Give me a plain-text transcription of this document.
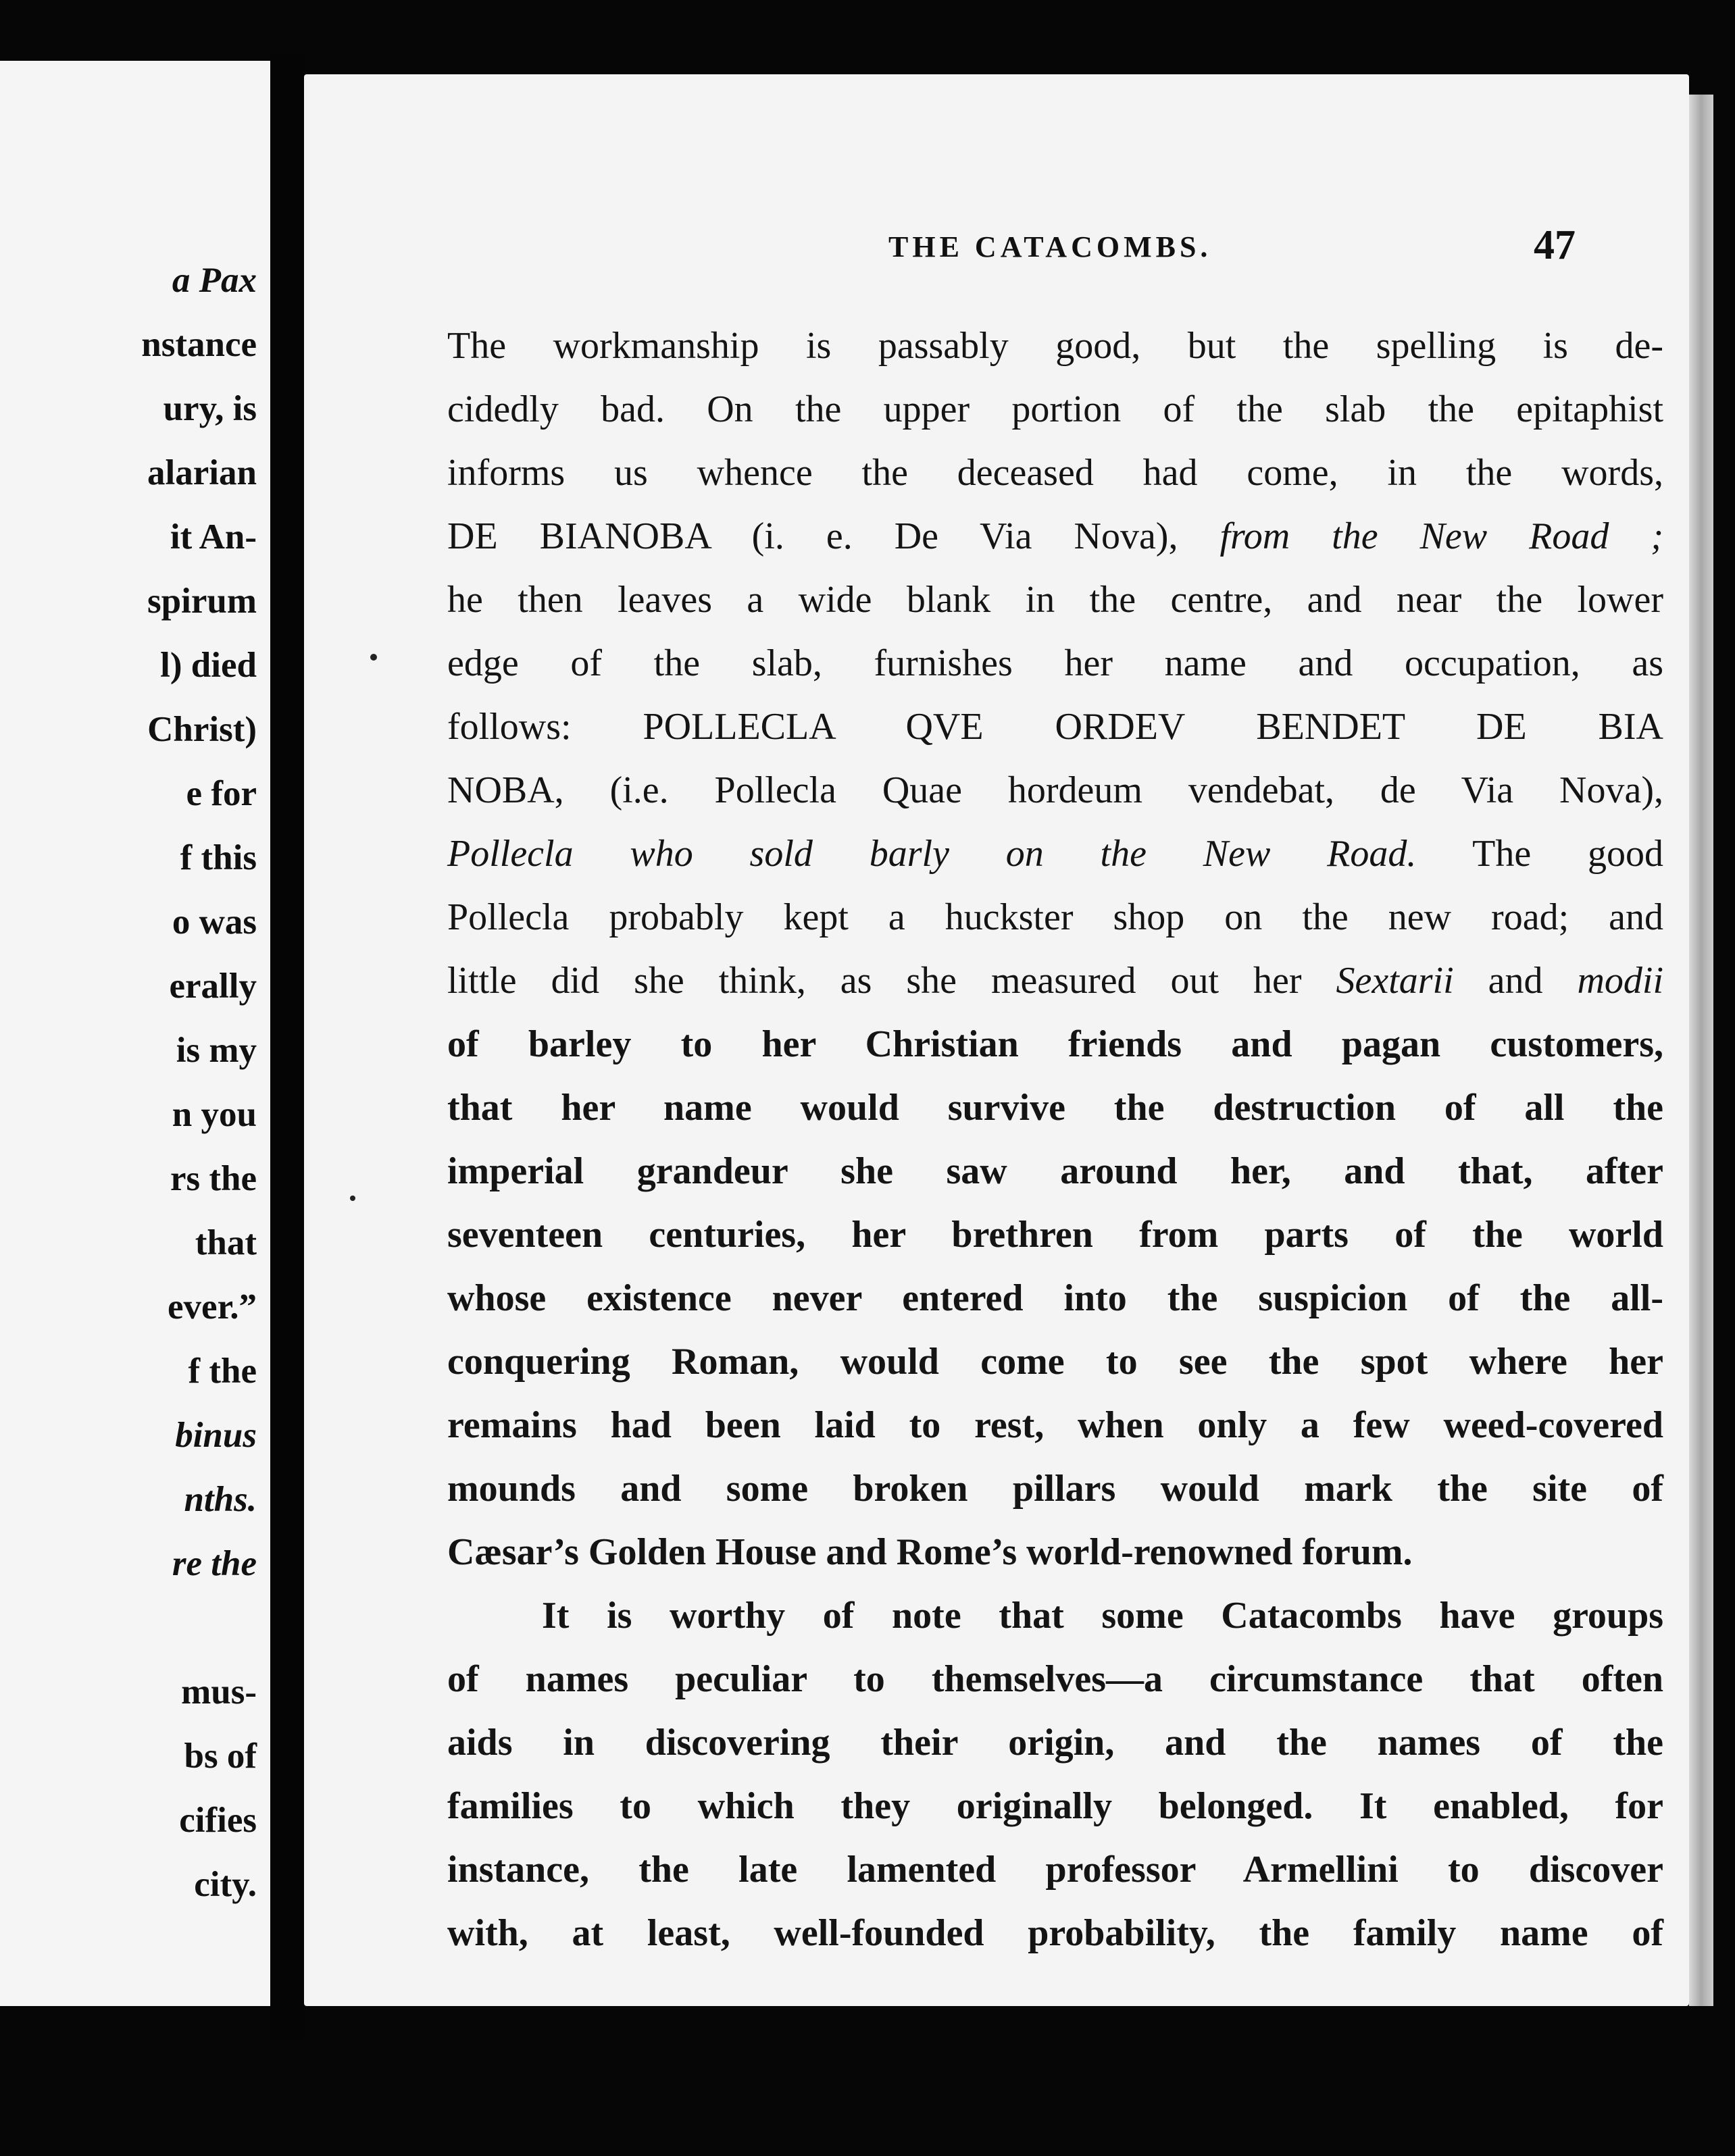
a Pax
nstance
ury, is
alarian
it An-
spirum
l) died
Christ)
e for
f this
o was
erally
is my
n you
rs the
that
ever.”
f the
binus
nths.
re the
mus-
bs of
cifies
city.
THE CATACOMBS.	47
The workmanship is passably good, but the spelling is de-
cidedly bad. On the upper portion of the slab the epitaphist
informs us whence the deceased had come, in the words,
DE BIANOBA (i. e. De Via Nova), from the New Road ;
he then leaves a wide blank in the centre, and near the lower
edge of the slab, furnishes her name and occupation, as
follows: POLLECLA QVE ORDEV BENDET DE BIA
NOBA, (i.e. Pollecla Quae hordeum vendebat, de Via Nova),
Pollecla who sold barly on the New Road. The good
Pollecla probably kept a huckster shop on the new road; and
little did she think, as she measured out her Sextarii and modii
of barley to her Christian friends and pagan customers,
that her name would survive the destruction of all the
imperial grandeur she saw around her, and that, after
seventeen centuries, her brethren from parts of the world
whose existence never entered into the suspicion of the all-
conquering Roman, would come to see the spot where her
remains had been laid to rest, when only a few weed-covered
mounds and some broken pillars would mark the site of
Cæsar’s Golden House and Rome’s world-renowned forum.
It is worthy of note that some Catacombs have groups
of names peculiar to themselves—a circumstance that often
aids in discovering their origin, and the names of the
families to which they originally belonged. It enabled, for
instance, the late lamented professor Armellini to discover
with, at least, well-founded probability, the family name of
